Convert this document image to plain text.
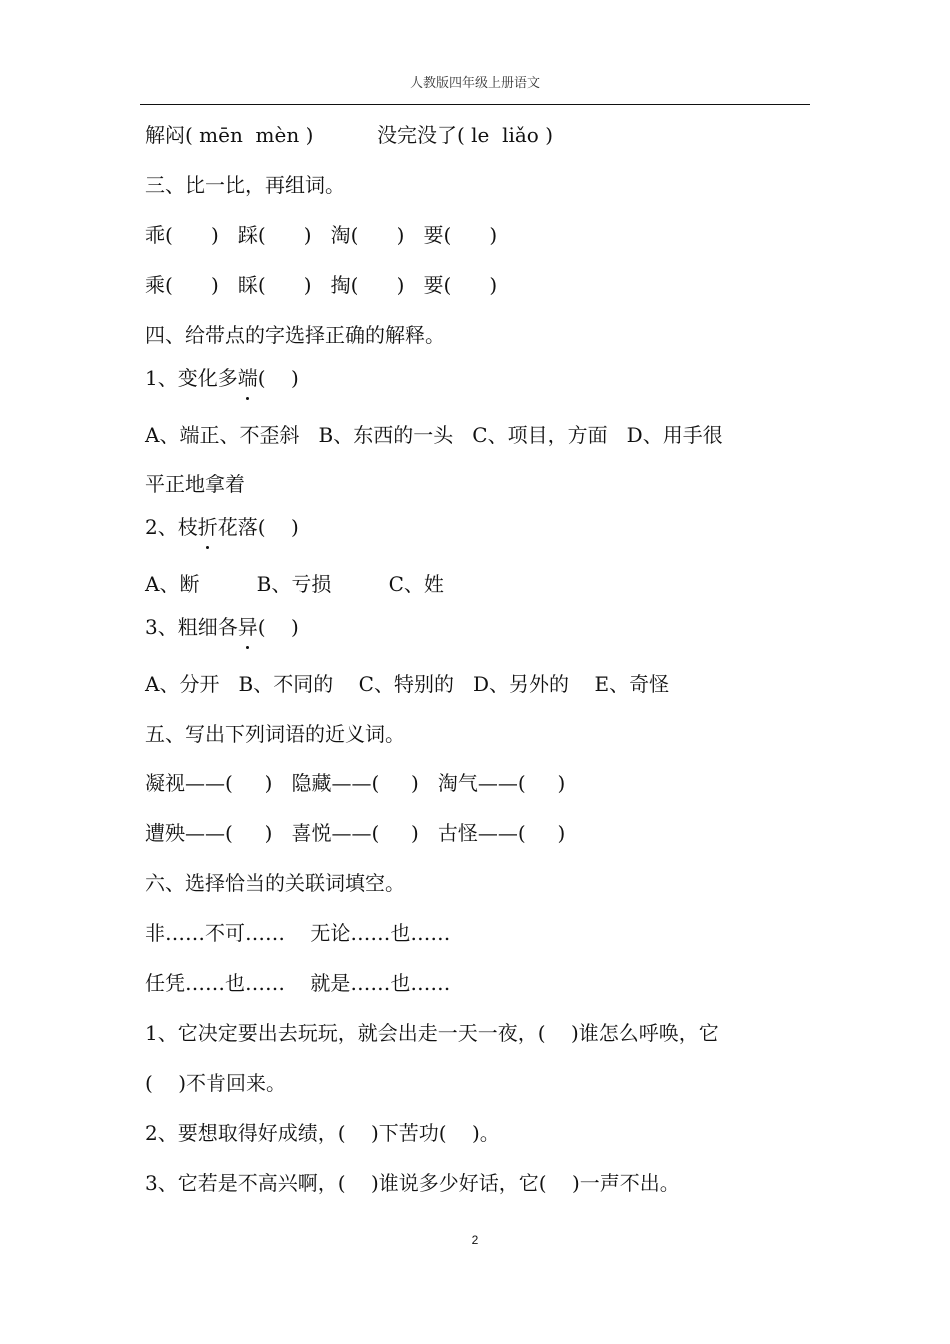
人教版四年级上册语文
解闷( mēn  mèn )          没完没了( le  liǎo )
三、比一比，再组词。
乖(      )   踩(      )   淘(      )   要(      )
乘(      )   睬(      )   掏(      )   要(      )
四、给带点的字选择正确的解释。
1、变化多端(    )
A、端正、不歪斜   B、东西的一头   C、项目，方面   D、用手很
平正地拿着
2、枝折花落(    )
A、断         B、亏损         C、姓
3、粗细各异(    )
A、分开   B、不同的    C、特别的   D、另外的    E、奇怪
五、写出下列词语的近义词。
凝视——(     )   隐藏——(     )   淘气——(     )
遭殃——(     )   喜悦——(     )   古怪——(     )
六、选择恰当的关联词填空。
非……不可……    无论……也……
任凭……也……    就是……也……
1、它决定要出去玩玩，就会出走一天一夜，(    )谁怎么呼唤，它
(    )不肯回来。
2、要想取得好成绩，(    )下苦功(    )。
3、它若是不高兴啊，(    )谁说多少好话，它(    )一声不出。
2
